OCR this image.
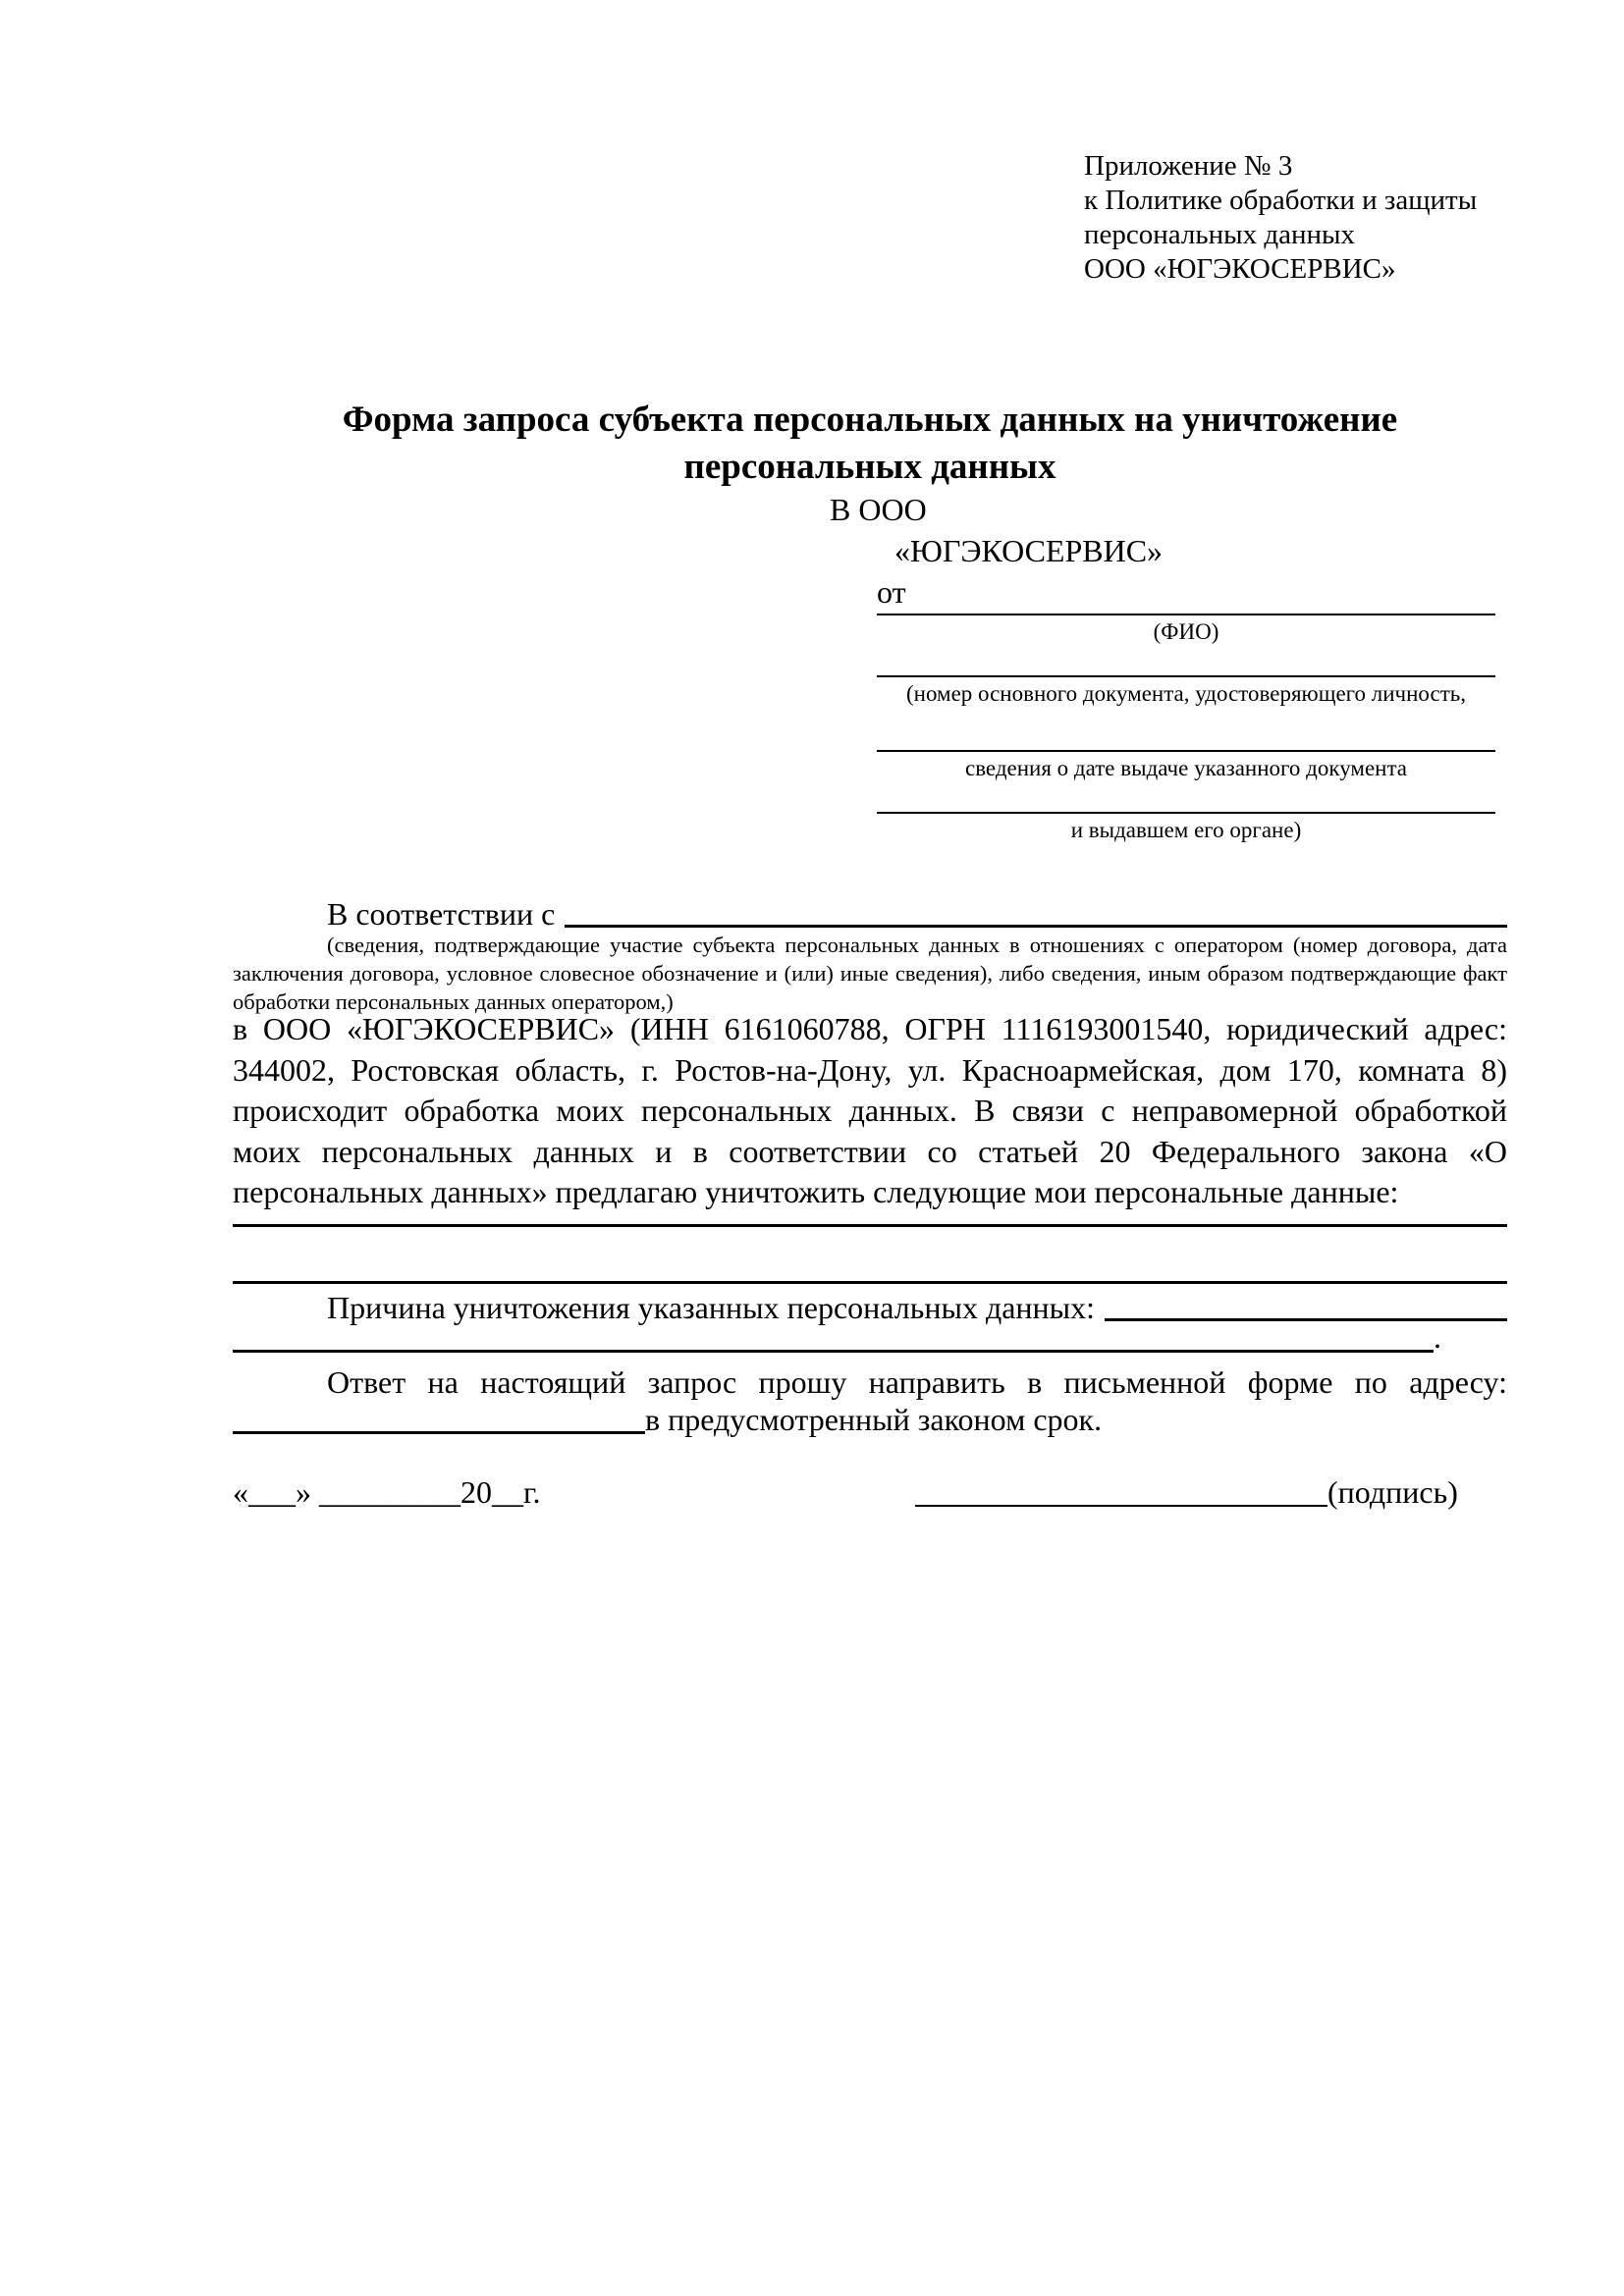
Приложение № 3
к Политике обработки и защиты
персональных данных
ООО «ЮГЭКОСЕРВИС»
Форма запроса субъекта персональных данных на уничтожение
персональных данных
В ООО
«ЮГЭКОСЕРВИС»
от
(ФИО)
(номер основного документа, удостоверяющего личность,
сведения о дате выдаче указанного документа
и выдавшем его органе)
В соответствии с
(сведения, подтверждающие участие субъекта персональных данных в отношениях с оператором (номер договора, дата
заключения договора, условное словесное обозначение и (или) иные сведения), либо сведения, иным образом подтверждающие факт
обработки персональных данных оператором,)
в ООО «ЮГЭКОСЕРВИС» (ИНН 6161060788, ОГРН 1116193001540, юридический адрес:
344002, Ростовская область, г. Ростов-на-Дону, ул. Красноармейская, дом 170, комната 8)
происходит обработка моих персональных данных. В связи с неправомерной обработкой
моих персональных данных и в соответствии со статьей 20 Федерального закона «О
персональных данных» предлагаю уничтожить следующие мои персональные данные:
Причина уничтожения указанных персональных данных:
.
Ответ на настоящий запрос прошу направить в письменной форме по адресу:
в предусмотренный законом срок.
«___» _________20__г.	(подпись)
